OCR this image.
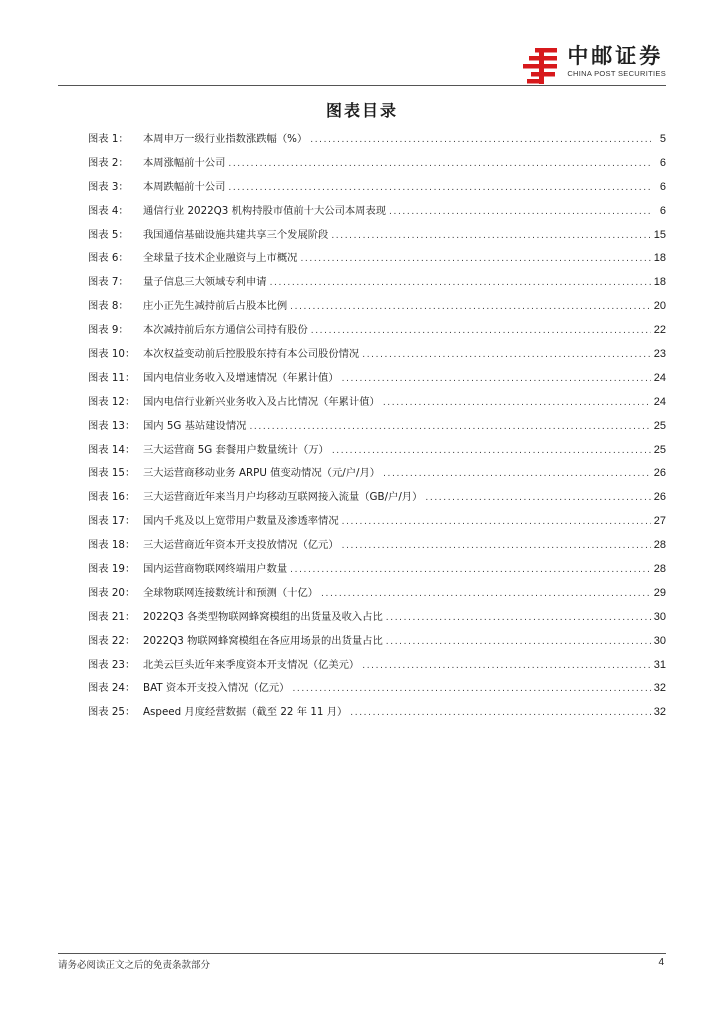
中邮证券
CHINA POST SECURITIES
图表目录
图表 1：	本周申万一级行业指数涨跌幅（%） .....	5
图表 2：	本周涨幅前十公司 .....	6
图表 3：	本周跌幅前十公司 .....	6
图表 4：	通信行业 2022Q3 机构持股市值前十大公司本周表现 .....	6
图表 5：	我国通信基础设施共建共享三个发展阶段 .....	15
图表 6：	全球量子技术企业融资与上市概况 .....	18
图表 7：	量子信息三大领域专利申请 .....	18
图表 8：	庄小正先生减持前后占股本比例 .....	20
图表 9：	本次减持前后东方通信公司持有股份 .....	22
图表 10： 本次权益变动前后控股股东持有本公司股份情况 .....	23
图表 11： 国内电信业务收入及增速情况（年累计值） .....	24
图表 12： 国内电信行业新兴业务收入及占比情况（年累计值） .....	24
图表 13： 国内 5G 基站建设情况 .....	25
图表 14： 三大运营商 5G 套餐用户数量统计（万） .....	25
图表 15： 三大运营商移动业务 ARPU 值变动情况（元/户/月） .....	26
图表 16： 三大运营商近年来当月户均移动互联网接入流量（GB/户/月） .....	26
图表 17： 国内千兆及以上宽带用户数量及渗透率情况 .....	27
图表 18： 三大运营商近年资本开支投放情况（亿元） .....	28
图表 19： 国内运营商物联网终端用户数量 .....	28
图表 20： 全球物联网连接数统计和预测（十亿） .....	29
图表 21： 2022Q3 各类型物联网蜂窝模组的出货量及收入占比 .....	30
图表 22： 2022Q3 物联网蜂窝模组在各应用场景的出货量占比 .....	30
图表 23： 北美云巨头近年来季度资本开支情况（亿美元） .....	31
图表 24： BAT 资本开支投入情况（亿元） .....	32
图表 25： Aspeed 月度经营数据（截至 22 年 11 月） .....	32
请务必阅读正文之后的免责条款部分	4
